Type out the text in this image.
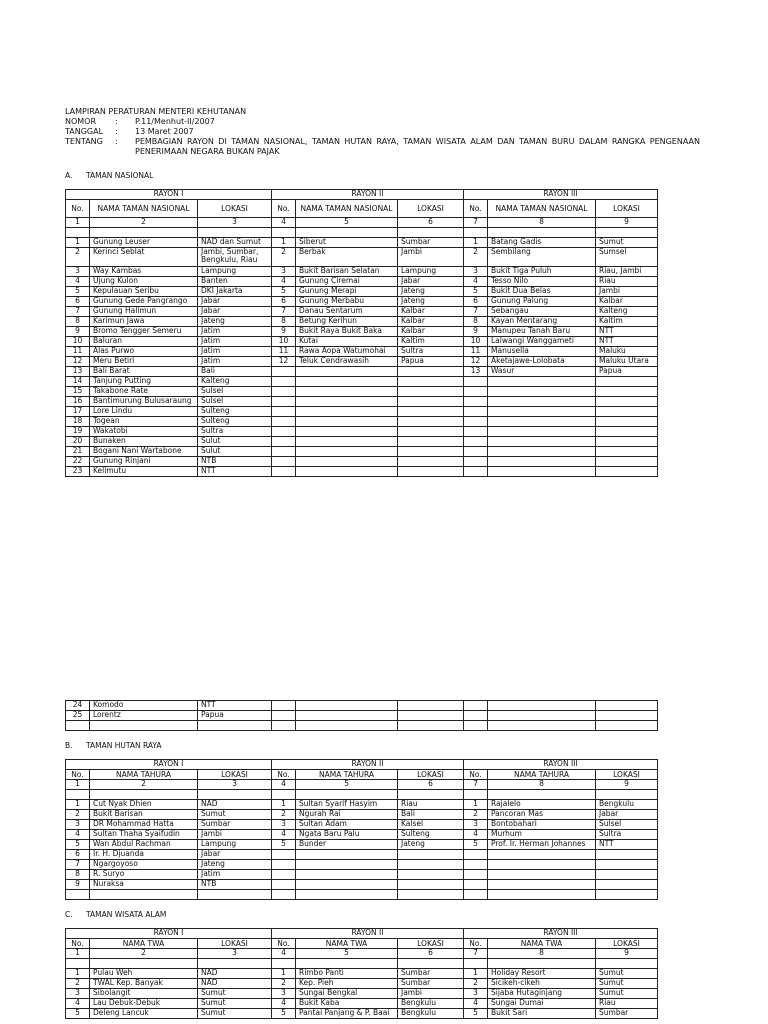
LAMPIRAN PERATURAN MENTERI KEHUTANAN
NOMOR	:	P.11/Menhut-II/2007
TANGGAL	:	13 Maret 2007
TENTANG	:	PEMBAGIAN RAYON DI TAMAN NASIONAL, TAMAN HUTAN RAYA, TAMAN WISATA ALAM DAN TAMAN BURU DALAM RANGKA PENGENAAN PENERIMAAN NEGARA BUKAN PAJAK
A. TAMAN NASIONAL
RAYON I			RAYON II			RAYON III		
No.	NAMA TAMAN NASIONAL	LOKASI	No.	NAMA TAMAN NASIONAL	LOKASI	No.	NAMA TAMAN NASIONAL	LOKASI
1	2	3	4	5	6	7	8	9

1	Gunung Leuser	NAD dan Sumut	1	Siberut	Sumbar	1	Batang Gadis	Sumut
2	Kerinci Seblat	Jambi, Sumbar, Bengkulu, Riau	2	Berbak	Jambi	2	Sembilang	Sumsel
3	Way Kambas	Lampung	3	Bukit Barisan Selatan	Lampung	3	Bukit Tiga Puluh	Riau, Jambi
4	Ujung Kulon	Banten	4	Gunung Ciremai	Jabar	4	Tesso Nilo	Riau
5	Kepulauan Seribu	DKI Jakarta	5	Gunung Merapi	Jateng	5	Bukit Dua Belas	Jambi
6	Gunung Gede Pangrango	Jabar	6	Gunung Merbabu	Jateng	6	Gunung Palung	Kalbar
7	Gunung Halimun	Jabar	7	Danau Sentarum	Kalbar	7	Sebangau	Kalteng
8	Karimun Jawa	Jateng	8	Betung Kerihun	Kalbar	8	Kayan Mentarang	Kaltim
9	Bromo Tengger Semeru	Jatim	9	Bukit Raya Bukit Baka	Kalbar	9	Manupeu Tanah Baru	NTT
10	Baluran	Jatim	10	Kutai	Kaltim	10	Laiwangi Wanggameti	NTT
11	Alas Purwo	Jatim	11	Rawa Aopa Watumohai	Sultra	11	Manusella	Maluku
12	Meru Betiri	Jatim	12	Teluk Cendrawasih	Papua	12	Aketajawe-Lolobata	Maluku Utara
13	Bali Barat	Bali				13	Wasur	Papua
14	Tanjung Putting	Kalteng						
15	Takabone Rate	Sulsel						
16	Bantimurung Bulusaraung	Sulsel						
17	Lore Lindu	Sulteng						
18	Togean	Sulteng						
19	Wakatobi	Sultra						
20	Bunaken	Sulut						
21	Bogani Nani Wartabone	Sulut						
22	Gunung Rinjani	NTB						
23	Kelimutu	NTT						
24	Komodo	NTT						
25	Lorentz	Papua						

B. TAMAN HUTAN RAYA
RAYON I			RAYON II			RAYON III		
No.	NAMA TAHURA	LOKASI	No.	NAMA TAHURA	LOKASI	No.	NAMA TAHURA	LOKASI
1	2	3	4	5	6	7	8	9

1	Cut Nyak Dhien	NAD	1	Sultan Syarif Hasyim	Riau	1	Rajalelo	Bengkulu
2	Bukit Barisan	Sumut	2	Ngurah Rai	Bali	2	Pancoran Mas	Jabar
3	DR Mohammad Hatta	Sumbar	3	Sultan Adam	Kalsel	3	Bontobahari	Sulsel
4	Sultan Thaha Syaifudin	Jambi	4	Ngata Baru Palu	Sulteng	4	Murhum	Sultra
5	Wan Abdul Rachman	Lampung	5	Bunder	Jateng	5	Prof. Ir. Herman Johannes	NTT
6	Ir. H. Djuanda	Jabar						
7	Ngargoyoso	Jateng						
8	R. Suryo	Jatim						
9	Nuraksa	NTB						

C. TAMAN WISATA ALAM
RAYON I			RAYON II			RAYON III		
No.	NAMA TWA	LOKASI	No.	NAMA TWA	LOKASI	No.	NAMA TWA	LOKASI
1	2	3	4	5	6	7	8	9

1	Pulau Weh	NAD	1	Rimbo Panti	Sumbar	1	Holiday Resort	Sumut
2	TWAL Kep. Banyak	NAD	2	Kep. Pieh	Sumbar	2	Sicikeh-cikeh	Sumut
3	Sibolangit	Sumut	3	Sungai Bengkal	Jambi	3	Sijaba Hutaginjang	Sumut
4	Lau Debuk-Debuk	Sumut	4	Bukit Kaba	Bengkulu	4	Sungai Dumai	Riau
5	Deleng Lancuk	Sumut	5	Pantai Panjang & P. Baai	Bengkulu	5	Bukit Sari	Sumbar
